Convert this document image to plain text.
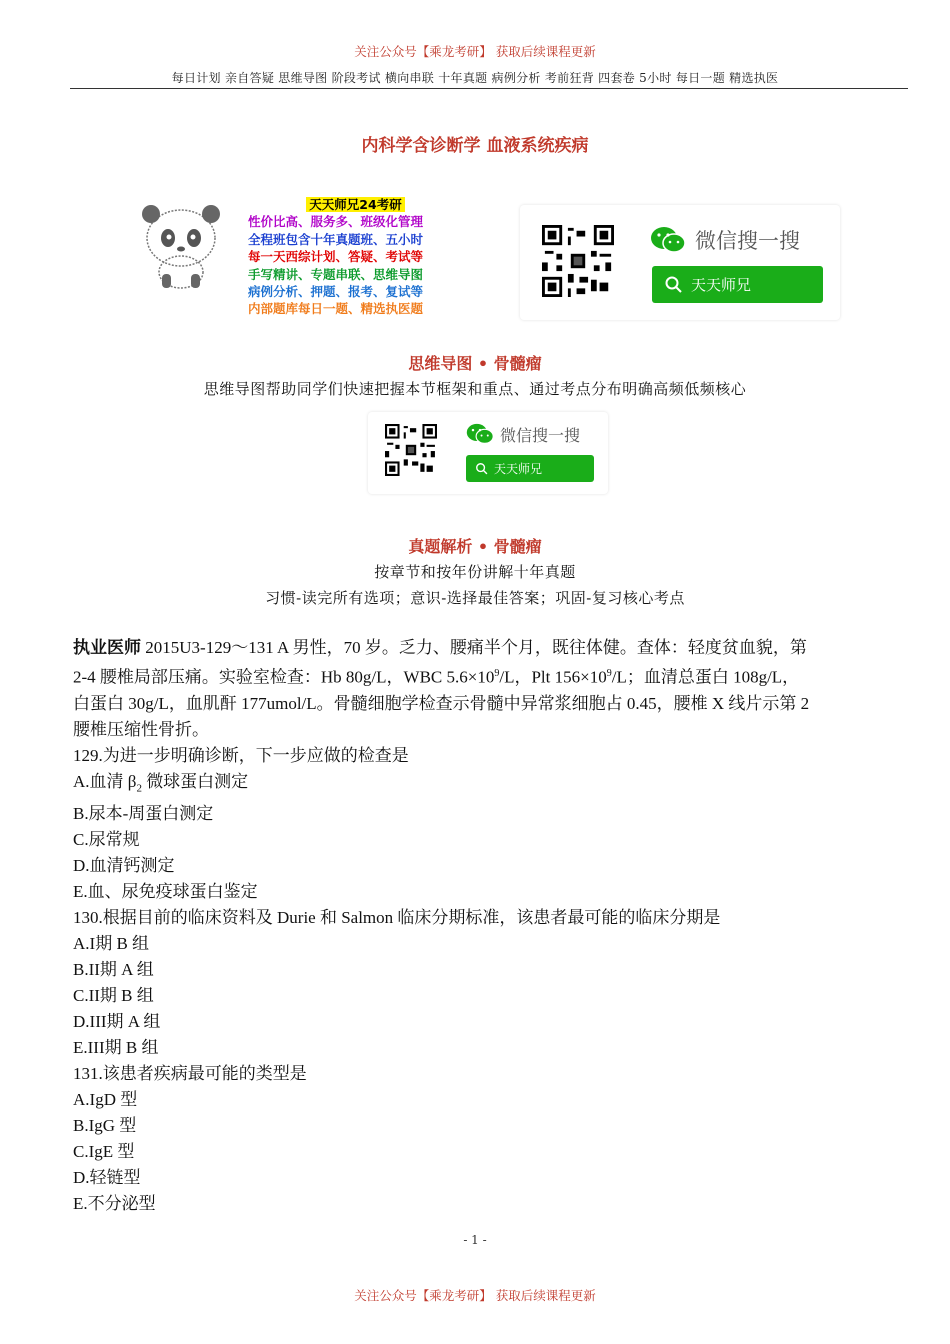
关注公众号【乘龙考研】 获取后续课程更新
每日计划 亲自答疑 思维导图 阶段考试 横向串联 十年真题 病例分析 考前狂背 四套卷 5小时 每日一题 精选执医
内科学含诊断学 血液系统疾病
天天师兄24考研
性价比高、服务多、班级化管理
全程班包含十年真题班、五小时
每一天西综计划、答疑、考试等
手写精讲、专题串联、思维导图
病例分析、押题、报考、复试等
内部题库每日一题、精选执医题
微信搜一搜
天天师兄
思维导图 • 骨髓瘤
思维导图帮助同学们快速把握本节框架和重点、通过考点分布明确高频低频核心
微信搜一搜
天天师兄
真题解析 • 骨髓瘤
按章节和按年份讲解十年真题
习惯-读完所有选项；意识-选择最佳答案；巩固-复习核心考点
执业医师 2015U3-129～131 A 男性，70 岁。乏力、腰痛半个月，既往体健。查体：轻度贫血貌，第
2-4 腰椎局部压痛。实验室检查：Hb 80g/L，WBC $5.6\times 10^9/L$，Plt $156\times 10^9/L$；血清总蛋白 108g/L，
白蛋白 30g/L，血肌酐 177umol/L。骨髓细胞学检查示骨髓中异常浆细胞占 0.45，腰椎 X 线片示第 2
腰椎压缩性骨折。
129.为进一步明确诊断，下一步应做的检查是
A.血清 $\beta_2$ 微球蛋白测定
B.尿本-周蛋白测定
C.尿常规
D.血清钙测定
E.血、尿免疫球蛋白鉴定
130.根据目前的临床资料及 Durie 和 Salmon 临床分期标准，该患者最可能的临床分期是
A.I期 B 组
B.II期 A 组
C.II期 B 组
D.III期 A 组
E.III期 B 组
131.该患者疾病最可能的类型是
A.IgD 型
B.IgG 型
C.IgE 型
D.轻链型
E.不分泌型
- 1 -
关注公众号【乘龙考研】 获取后续课程更新
